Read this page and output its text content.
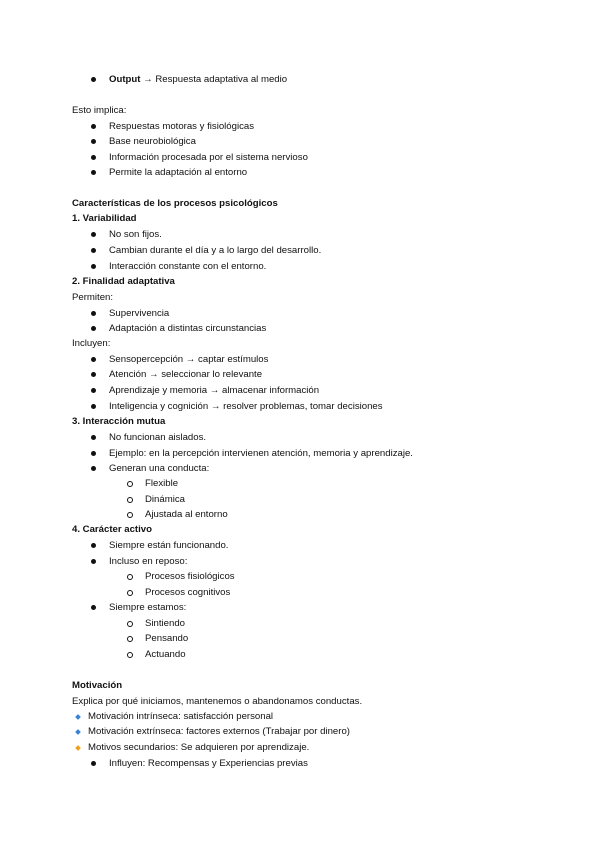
Output → Respuesta adaptativa al medio
Esto implica:
Respuestas motoras y fisiológicas
Base neurobiológica
Información procesada por el sistema nervioso
Permite la adaptación al entorno
Características de los procesos psicológicos
1. Variabilidad
No son fijos.
Cambian durante el día y a lo largo del desarrollo.
Interacción constante con el entorno.
2. Finalidad adaptativa
Permiten:
Supervivencia
Adaptación a distintas circunstancias
Incluyen:
Sensopercepción → captar estímulos
Atención → seleccionar lo relevante
Aprendizaje y memoria → almacenar información
Inteligencia y cognición → resolver problemas, tomar decisiones
3. Interacción mutua
No funcionan aislados.
Ejemplo: en la percepción intervienen atención, memoria y aprendizaje.
Generan una conducta:
Flexible
Dinámica
Ajustada al entorno
4. Carácter activo
Siempre están funcionando.
Incluso en reposo:
Procesos fisiológicos
Procesos cognitivos
Siempre estamos:
Sintiendo
Pensando
Actuando
Motivación
Explica por qué iniciamos, mantenemos o abandonamos conductas.
Motivación intrínseca: satisfacción personal
Motivación extrínseca: factores externos (Trabajar por dinero)
Motivos secundarios: Se adquieren por aprendizaje.
Influyen: Recompensas y Experiencias previas
